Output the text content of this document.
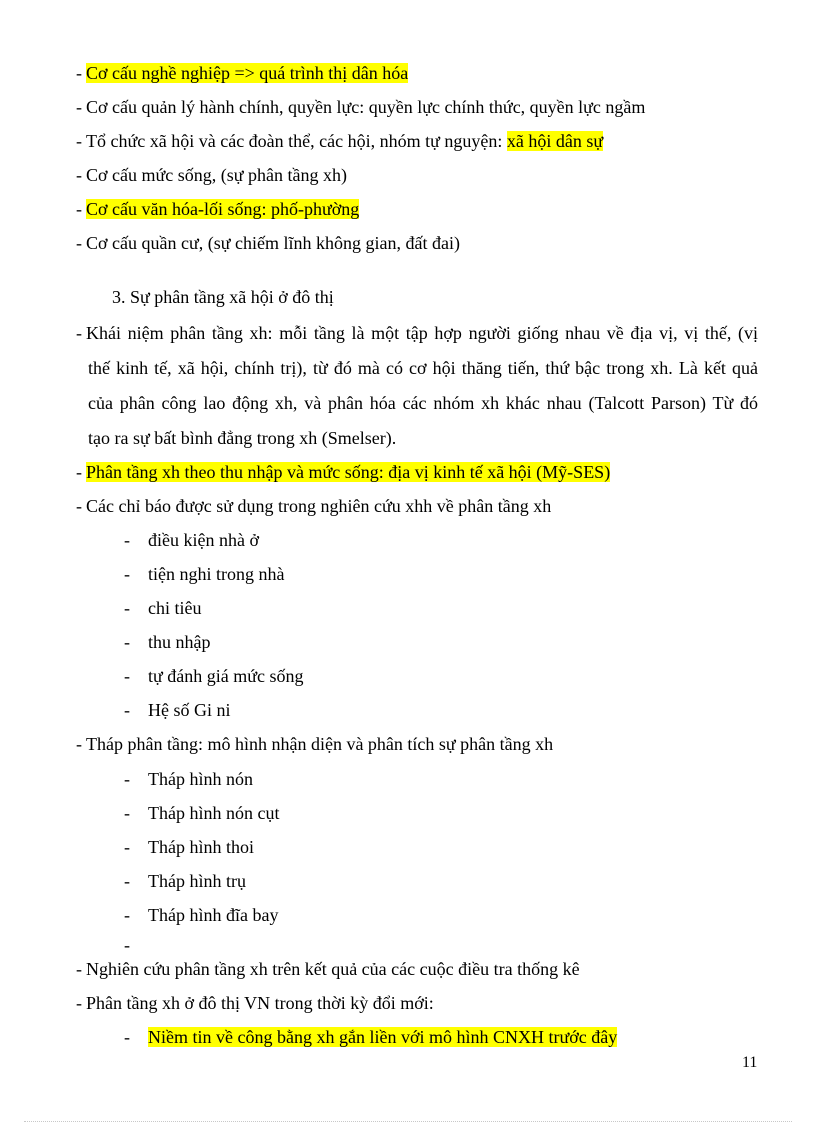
- Cơ cấu nghề nghiệp => quá trình thị dân hóa
- Cơ cấu quản lý hành chính, quyền lực: quyền lực chính thức, quyền lực ngầm
- Tổ chức xã hội và các đoàn thể, các hội, nhóm tự nguyện: xã hội dân sự
- Cơ cấu mức sống, (sự phân tầng xh)
- Cơ cấu văn hóa-lối sống: phố-phường
- Cơ cấu quần cư, (sự chiếm lĩnh không gian, đất đai)
3. Sự phân tầng xã hội ở đô thị
- Khái niệm phân tầng xh: mỗi tầng là một tập hợp người giống nhau về địa vị, vị thế, (vị
thế kinh tế, xã hội, chính trị), từ đó mà có cơ hội thăng tiến, thứ bậc trong xh. Là kết quả
của phân công lao động xh, và phân hóa các nhóm xh khác nhau (Talcott Parson) Từ đó
tạo ra sự bất bình đẳng trong xh (Smelser).
- Phân tầng xh theo thu nhập và mức sống: địa vị kinh tế xã hội (Mỹ-SES)
- Các chỉ báo được sử dụng trong nghiên cứu xhh về phân tầng xh
- điều kiện nhà ở
- tiện nghi trong nhà
- chi tiêu
- thu nhập
- tự đánh giá mức sống
- Hệ số Gi ni
- Tháp phân tầng: mô hình nhận diện và phân tích sự phân tầng xh
- Tháp hình nón
- Tháp hình nón cụt
- Tháp hình thoi
- Tháp hình trụ
- Tháp hình đĩa bay
-
- Nghiên cứu phân tầng xh trên kết quả của các cuộc điều tra thống kê
- Phân tầng xh ở đô thị VN trong thời kỳ đổi mới:
- Niềm tin về công bằng xh gắn liền với mô hình CNXH trước đây
11
